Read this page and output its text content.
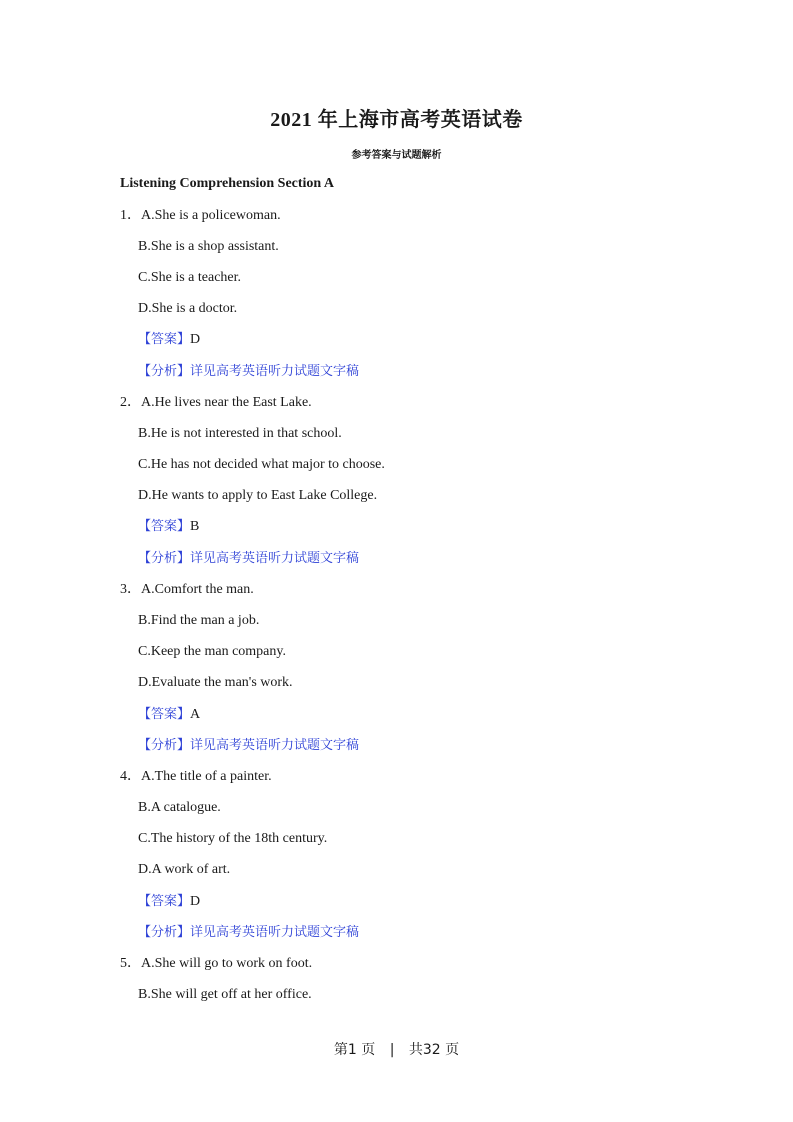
2021 年上海市高考英语试卷
参考答案与试题解析
Listening Comprehension Section A
1．A.She is a policewoman.
B.She is a shop assistant.
C.She is a teacher.
D.She is a doctor.
【答案】D
【分析】详见高考英语听力试题文字稿
2．A.He lives near the East Lake.
B.He is not interested in that school.
C.He has not decided what major to choose.
D.He wants to apply to East Lake College.
【答案】B
【分析】详见高考英语听力试题文字稿
3．A.Comfort the man.
B.Find the man a job.
C.Keep the man company.
D.Evaluate the man's work.
【答案】A
【分析】详见高考英语听力试题文字稿
4．A.The title of a painter.
B.A catalogue.
C.The history of the 18th century.
D.A work of art.
【答案】D
【分析】详见高考英语听力试题文字稿
5．A.She will go to work on foot.
B.She will get off at her office.
第1 页 | 共32 页
